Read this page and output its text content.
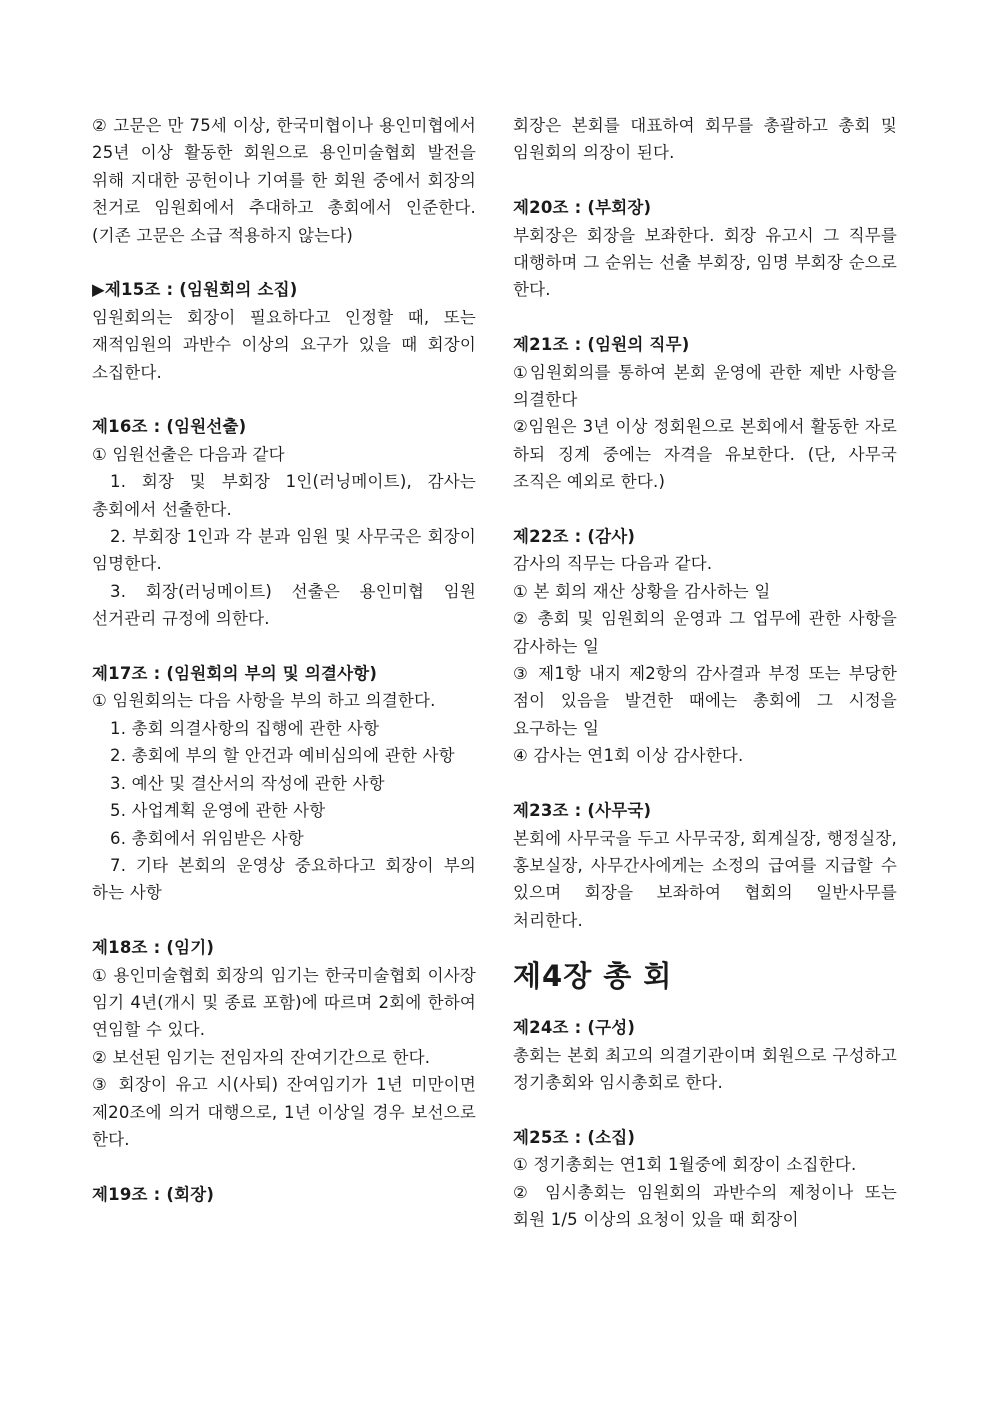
② 고문은 만 75세 이상, 한국미협이나 용인미협에서 25년 이상 활동한 회원으로 용인미술협회 발전을 위해 지대한 공헌이나 기여를 한 회원 중에서 회장의 천거로 임원회에서 추대하고 총회에서 인준한다.(기존 고문은 소급 적용하지 않는다)

▶제15조 : (임원회의 소집)

임원회의는 회장이 필요하다고 인정할 때, 또는 재적임원의 과반수 이상의 요구가 있을 때 회장이 소집한다.

제16조 : (임원선출)

① 임원선출은 다음과 같다

1. 회장 및 부회장 1인(러닝메이트), 감사는 총회에서 선출한다.

2. 부회장 1인과 각 분과 임원 및 사무국은 회장이 임명한다.

3. 회장(러닝메이트) 선출은 용인미협 임원 선거관리 규정에 의한다.

제17조 : (임원회의 부의 및 의결사항)

① 임원회의는 다음 사항을 부의 하고 의결한다.

1. 총회 의결사항의 집행에 관한 사항

2. 총회에 부의 할 안건과 예비심의에 관한 사항

3. 예산 및 결산서의 작성에 관한 사항

5. 사업계획 운영에 관한 사항

6. 총회에서 위임받은 사항

7. 기타 본회의 운영상 중요하다고 회장이 부의 하는 사항

제18조 : (임기)

① 용인미술협회 회장의 임기는 한국미술협회 이사장 임기 4년(개시 및 종료 포함)에 따르며 2회에 한하여 연임할 수 있다.

② 보선된 임기는 전임자의 잔여기간으로 한다.

③ 회장이 유고 시(사퇴) 잔여임기가 1년 미만이면 제20조에 의거 대행으로, 1년 이상일 경우 보선으로 한다.

제19조 : (회장)

회장은 본회를 대표하여 회무를 총괄하고 총회 및 임원회의 의장이 된다.

제20조 : (부회장)

부회장은 회장을 보좌한다. 회장 유고시 그 직무를 대행하며 그 순위는 선출 부회장, 임명 부회장 순으로 한다.

제21조 : (임원의 직무)

①임원회의를 통하여 본회 운영에 관한 제반 사항을 의결한다

②임원은 3년 이상 정회원으로 본회에서 활동한 자로 하되 징계 중에는 자격을 유보한다. (단, 사무국 조직은 예외로 한다.)

제22조 : (감사)

감사의 직무는 다음과 같다.

① 본 회의 재산 상황을 감사하는 일

② 총회 및 임원회의 운영과 그 업무에 관한 사항을 감사하는 일

③ 제1항 내지 제2항의 감사결과 부정 또는 부당한 점이 있음을 발견한 때에는 총회에 그 시정을 요구하는 일

④ 감사는 연1회 이상 감사한다.

제23조 : (사무국)

본회에 사무국을 두고 사무국장, 회계실장, 행정실장, 홍보실장, 사무간사에게는 소정의 급여를 지급할 수 있으며 회장을 보좌하여 협회의 일반사무를 처리한다.

제4장 총 회

제24조 : (구성)

총회는 본회 최고의 의결기관이며 회원으로 구성하고 정기총회와 임시총회로 한다.

제25조 : (소집)

① 정기총회는 연1회 1월중에 회장이 소집한다.

② 임시총회는 임원회의 과반수의 제청이나 또는 회원 1/5 이상의 요청이 있을 때 회장이
